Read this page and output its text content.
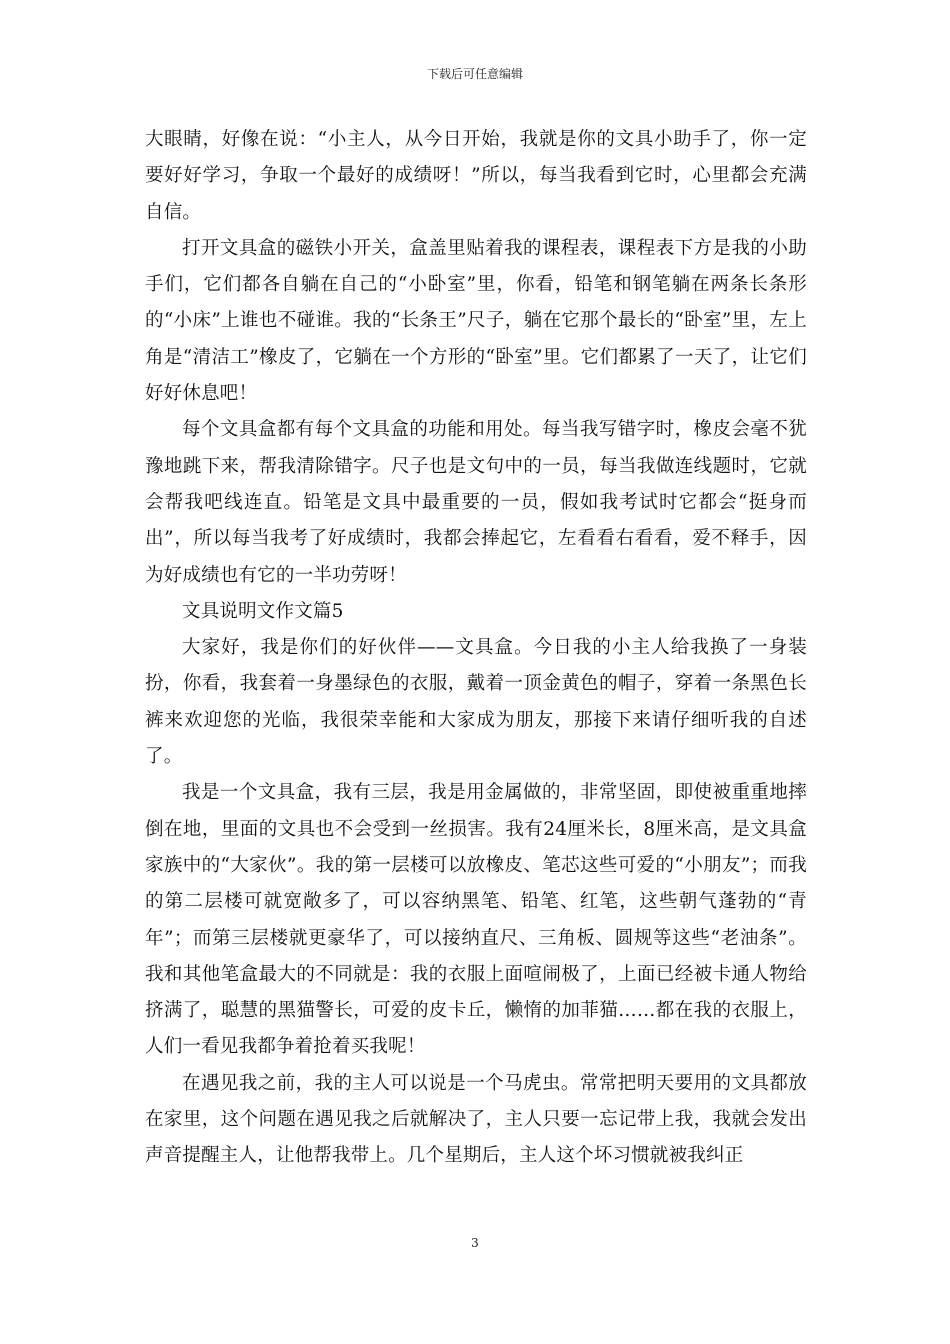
下载后可任意编辑

大眼睛，好像在说：“小主人，从今日开始，我就是你的文具小助手了，你一定要好好学习，争取一个最好的成绩呀！”所以，每当我看到它时，心里都会充满自信。

打开文具盒的磁铁小开关，盒盖里贴着我的课程表，课程表下方是我的小助手们，它们都各自躺在自己的“小卧室”里，你看，铅笔和钢笔躺在两条长条形的“小床”上谁也不碰谁。我的“长条王”尺子，躺在它那个最长的“卧室”里，左上角是“清洁工”橡皮了，它躺在一个方形的“卧室”里。它们都累了一天了，让它们好好休息吧！

每个文具盒都有每个文具盒的功能和用处。每当我写错字时，橡皮会毫不犹豫地跳下来，帮我清除错字。尺子也是文句中的一员，每当我做连线题时，它就会帮我吧线连直。铅笔是文具中最重要的一员，假如我考试时它都会“挺身而出”，所以每当我考了好成绩时，我都会捧起它，左看看右看看，爱不释手，因为好成绩也有它的一半功劳呀！

文具说明文作文篇5

大家好，我是你们的好伙伴——文具盒。今日我的小主人给我换了一身装扮，你看，我套着一身墨绿色的衣服，戴着一顶金黄色的帽子，穿着一条黑色长裤来欢迎您的光临，我很荣幸能和大家成为朋友，那接下来请仔细听我的自述了。

我是一个文具盒，我有三层，我是用金属做的，非常坚固，即使被重重地摔倒在地，里面的文具也不会受到一丝损害。我有24厘米长，8厘米高，是文具盒家族中的“大家伙”。我的第一层楼可以放橡皮、笔芯这些可爱的“小朋友”；而我的第二层楼可就宽敞多了，可以容纳黑笔、铅笔、红笔，这些朝气蓬勃的“青年”；而第三层楼就更豪华了，可以接纳直尺、三角板、圆规等这些“老油条”。我和其他笔盒最大的不同就是：我的衣服上面喧闹极了，上面已经被卡通人物给挤满了，聪慧的黑猫警长，可爱的皮卡丘，懒惰的加菲猫……都在我的衣服上，人们一看见我都争着抢着买我呢！

在遇见我之前，我的主人可以说是一个马虎虫。常常把明天要用的文具都放在家里，这个问题在遇见我之后就解决了，主人只要一忘记带上我，我就会发出声音提醒主人，让他帮我带上。几个星期后，主人这个坏习惯就被我纠正

3
